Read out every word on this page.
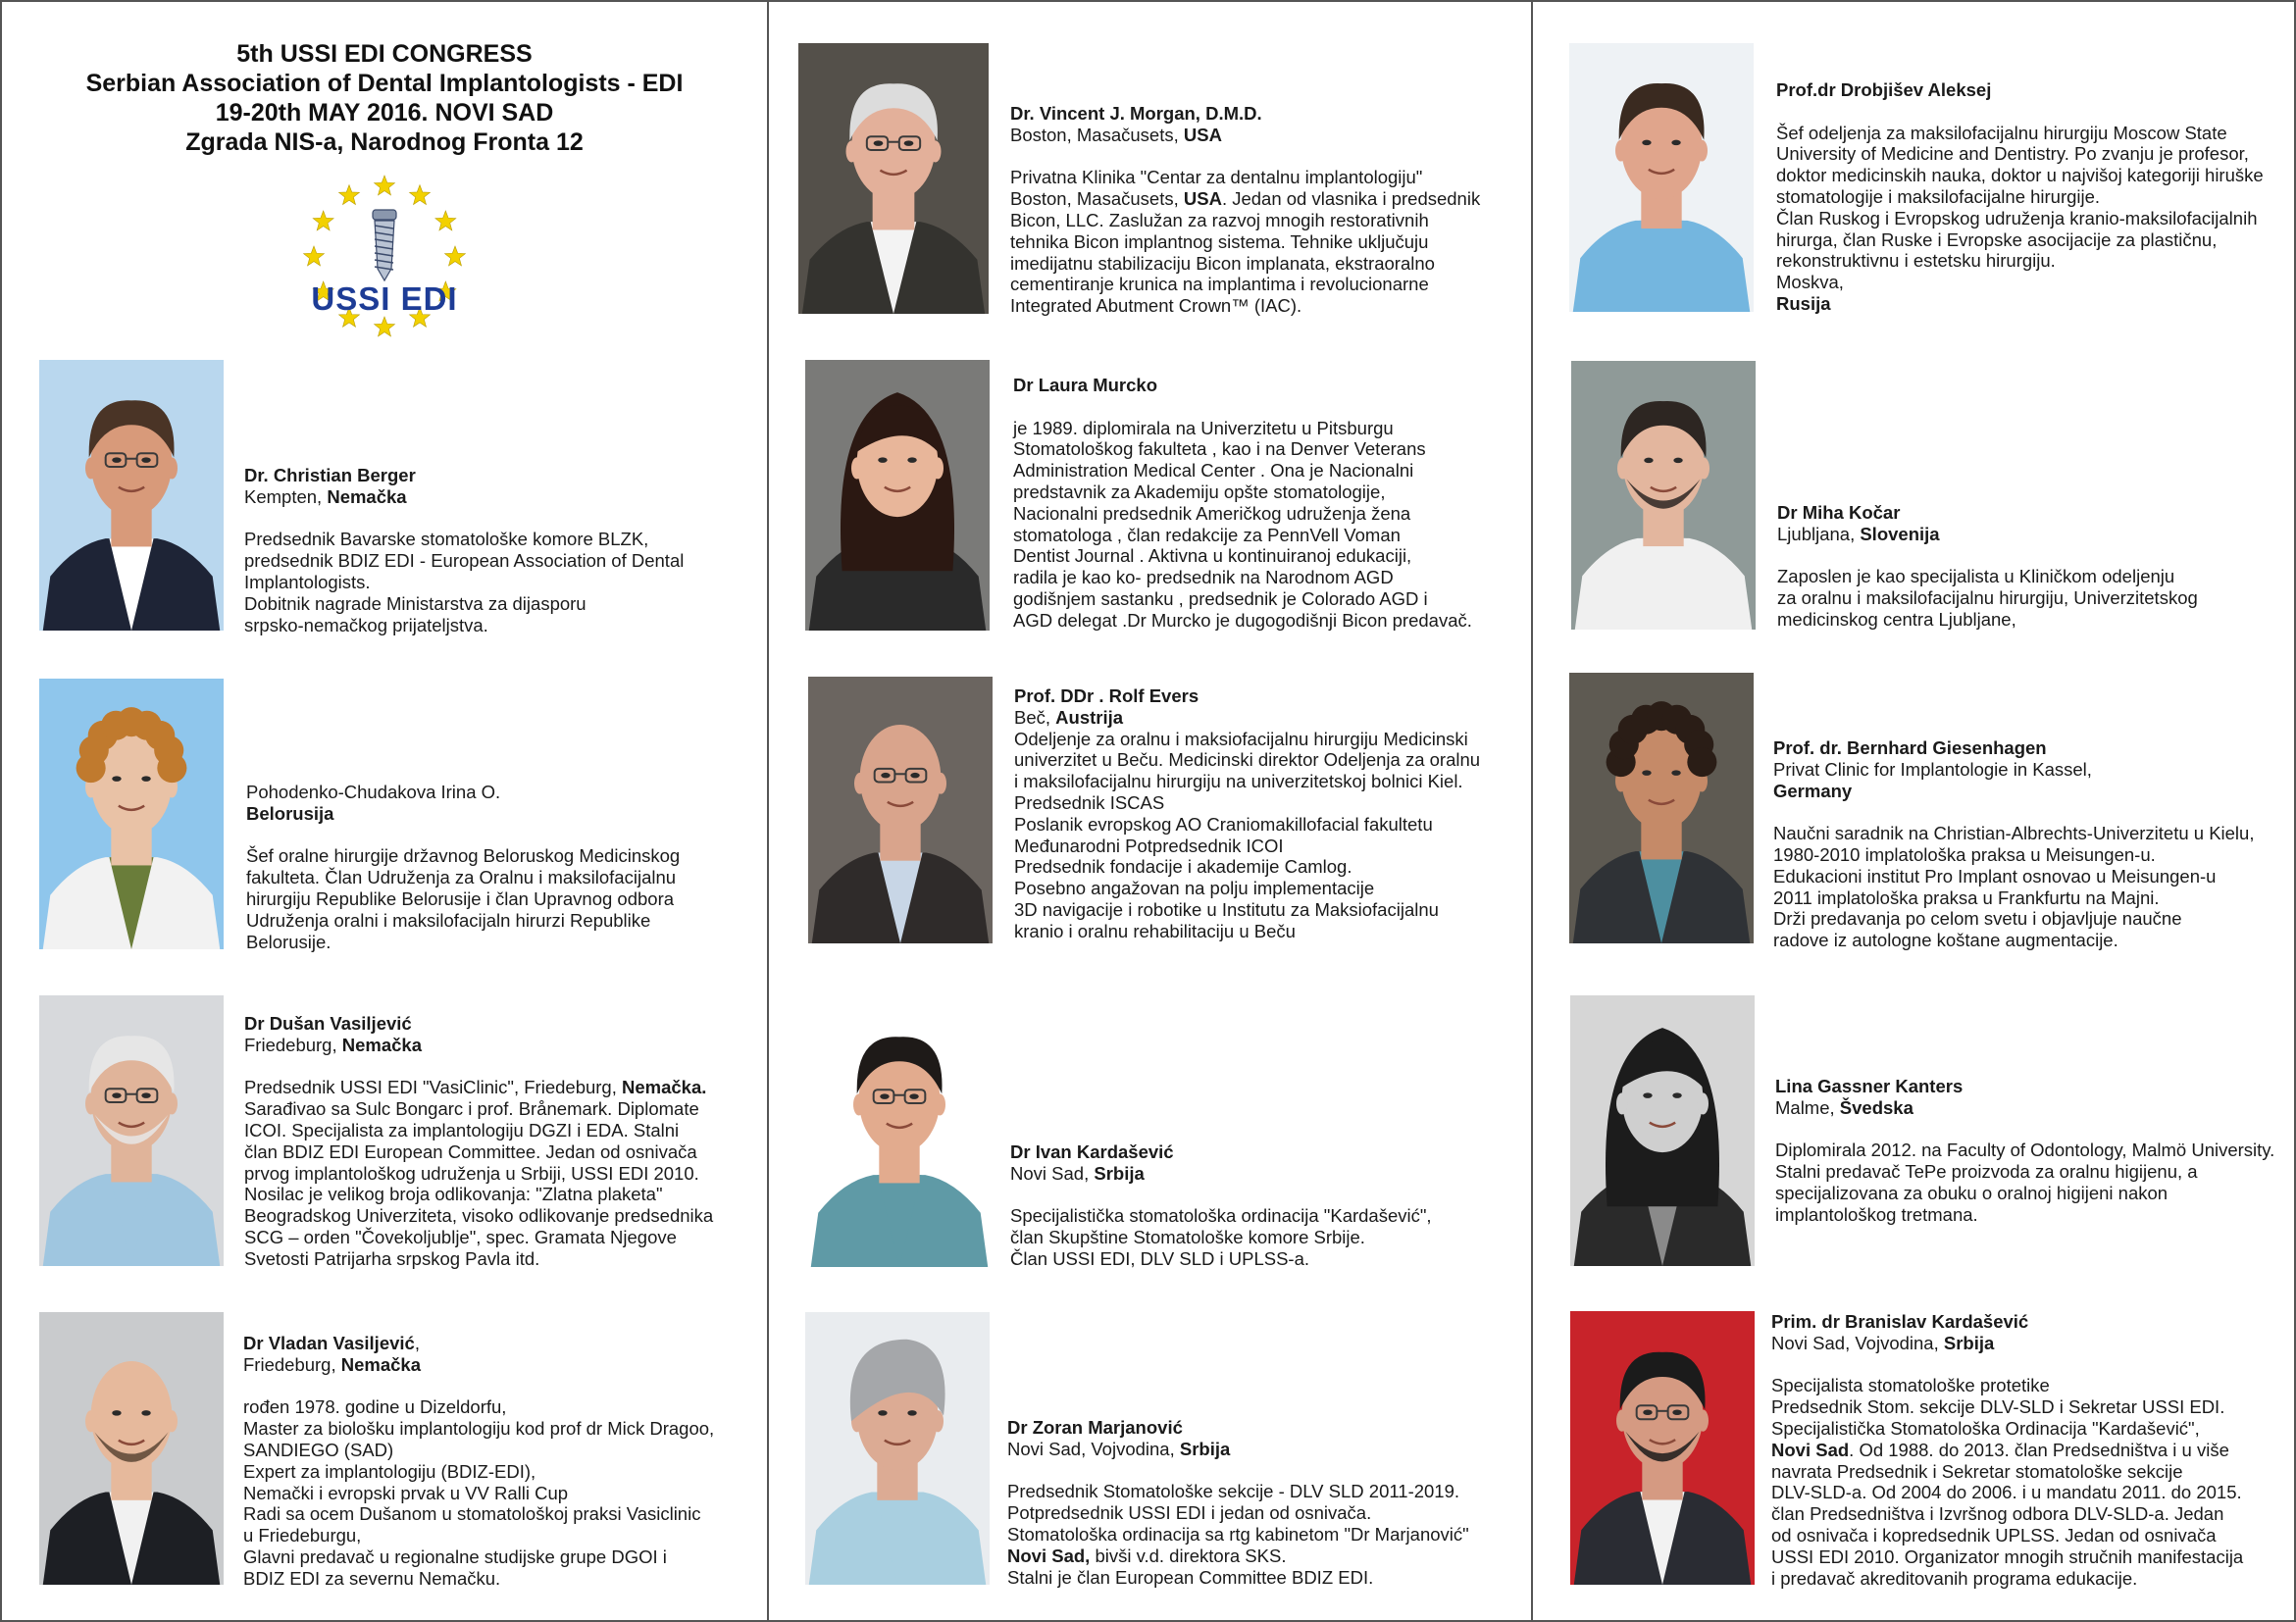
5th USSI EDI CONGRESS
Serbian Association of Dental Implantologists - EDI
19-20th MAY 2016. NOVI SAD
Zgrada NIS-a, Narodnog Fronta 12
USSI EDI
Dr. Christian Berger
Kempten, Nemačka
Predsednik Bavarske stomatološke komore BLZK,
predsednik BDIZ EDI - European Association of Dental
Implantologists.
Dobitnik nagrade Ministarstva za dijasporu
srpsko-nemačkog prijateljstva.
Pohodenko-Chudakova Irina O.
Belorusija
Šef oralne hirurgije državnog Beloruskog Medicinskog
fakulteta. Član Udruženja za Oralnu i maksilofacijalnu
hirurgiju Republike Belorusije i član Upravnog odbora
Udruženja oralni i maksilofacijaln hirurzi Republike
Belorusije.
Dr Dušan Vasiljević
Friedeburg, Nemačka
Predsednik USSI EDI "VasiClinic", Friedeburg, Nemačka.
Sarađivao sa Sulc Bongarc i prof. Brånemark. Diplomate
ICOI. Specijalista za implantologiju DGZI i EDA. Stalni
član BDIZ EDI European Committee. Jedan od osnivača
prvog implantološkog udruženja u Srbiji, USSI EDI 2010.
Nosilac je velikog broja odlikovanja: "Zlatna plaketa"
Beogradskog Univerziteta, visoko odlikovanje predsednika
SCG – orden "Čovekoljublje", spec. Gramata Njegove
Svetosti Patrijarha srpskog Pavla itd.
Dr Vladan Vasiljević,
Friedeburg, Nemačka
rođen 1978. godine u Dizeldorfu,
Master za biološku implantologiju kod prof dr Mick Dragoo,
SANDIEGO (SAD)
Expert za implantologiju (BDIZ-EDI),
Nemački i evropski prvak u VV Ralli Cup
Radi sa ocem Dušanom u stomatološkoj praksi Vasiclinic
u Friedeburgu,
Glavni predavač u regionalne studijske grupe DGOI i
BDIZ EDI za severnu Nemačku.
Dr. Vincent J. Morgan, D.M.D.
Boston, Masačusets, USA
Privatna Klinika "Centar za dentalnu implantologiju"
Boston, Masačusets, USA. Jedan od vlasnika i predsednik
Bicon, LLC. Zaslužan za razvoj mnogih restorativnih
tehnika Bicon implantnog sistema. Tehnike uključuju
imedijatnu stabilizaciju Bicon implanata, ekstraoralno
cementiranje krunica na implantima i revolucionarne
Integrated Abutment Crown™ (IAC).
Dr Laura Murcko
je 1989. diplomirala na Univerzitetu u Pitsburgu
Stomatološkog fakulteta , kao i na Denver Veterans
Administration Medical Center . Ona je Nacionalni
predstavnik za Akademiju opšte stomatologije,
Nacionalni predsednik Američkog udruženja žena
stomatologa , član redakcije za PennVell Voman
Dentist Journal . Aktivna u kontinuiranoj edukaciji,
radila je kao ko- predsednik na Narodnom AGD
godišnjem sastanku , predsednik je Colorado AGD i
AGD delegat .Dr Murcko je dugogodišnji Bicon predavač.
Prof. DDr . Rolf Evers
Beč, Austrija
Odeljenje za oralnu i maksiofacijalnu hirurgiju Medicinski
univerzitet u Beču. Medicinski direktor Odeljenja za oralnu
i maksilofacijalnu hirurgiju na univerzitetskoj bolnici Kiel.
Predsednik ISCAS
Poslanik evropskog AO Craniomakillofacial fakultetu
Međunarodni Potpredsednik ICOI
Predsednik fondacije i akademije Camlog.
Posebno angažovan na polju implementacije
3D navigacije i robotike u Institutu za Maksiofacijalnu
kranio i oralnu rehabilitaciju u Beču
Dr Ivan Kardašević
Novi Sad, Srbija
Specijalistička stomatološka ordinacija "Kardašević",
član Skupštine Stomatološke komore Srbije.
Član USSI EDI, DLV SLD i UPLSS-a.
Dr Zoran Marjanović
Novi Sad, Vojvodina, Srbija
Predsednik Stomatološke sekcije - DLV SLD 2011-2019.
Potpredsednik USSI EDI i jedan od osnivača.
Stomatološka ordinacija sa rtg kabinetom "Dr Marjanović"
Novi Sad, bivši v.d. direktora SKS.
Stalni je član European Committee BDIZ EDI.
Prof.dr Drobjišev Aleksej
Šef odeljenja za maksilofacijalnu hirurgiju Moscow State
University of Medicine and Dentistry. Po zvanju je profesor,
doktor medicinskih nauka, doktor u najvišoj kategoriji hiruške
stomatologije i maksilofacijalne hirurgije.
Član Ruskog i Evropskog udruženja kranio-maksilofacijalnih
hirurga, član Ruske i Evropske asocijacije za plastičnu,
rekonstruktivnu i estetsku hirurgiju.
Moskva,
Rusija
Dr Miha Kočar
Ljubljana, Slovenija
Zaposlen je kao specijalista u Kliničkom odeljenju
za oralnu i maksilofacijalnu hirurgiju, Univerzitetskog
medicinskog centra Ljubljane,
Prof. dr. Bernhard Giesenhagen
Privat Clinic for Implantologie in Kassel,
Germany
Naučni saradnik na Christian-Albrechts-Univerzitetu u Kielu,
1980-2010 implatološka praksa u Meisungen-u.
Edukacioni institut Pro Implant osnovao u Meisungen-u
2011 implatološka praksa u Frankfurtu na Majni.
Drži predavanja po celom svetu i objavljuje naučne
radove iz autologne koštane augmentacije.
Lina Gassner Kanters
Malme, Švedska
Diplomirala 2012. na Faculty of Odontology, Malmö University.
Stalni predavač TePe proizvoda za oralnu higijenu, a
specijalizovana za obuku o oralnoj higijeni nakon
implantološkog tretmana.
Prim. dr Branislav Kardašević
Novi Sad, Vojvodina, Srbija
Specijalista stomatološke protetike
Predsednik Stom. sekcije DLV-SLD i Sekretar USSI EDI.
Specijalistička Stomatološka Ordinacija "Kardašević",
Novi Sad. Od 1988. do 2013. član Predsedništva i u više
navrata Predsednik i Sekretar stomatološke sekcije
DLV-SLD-a. Od 2004 do 2006. i u mandatu 2011. do 2015.
član Predsedništva i Izvršnog odbora DLV-SLD-a. Jedan
od osnivača i kopredsednik UPLSS. Jedan od osnivača
USSI EDI 2010. Organizator mnogih stručnih manifestacija
i predavač akreditovanih programa edukacije.
